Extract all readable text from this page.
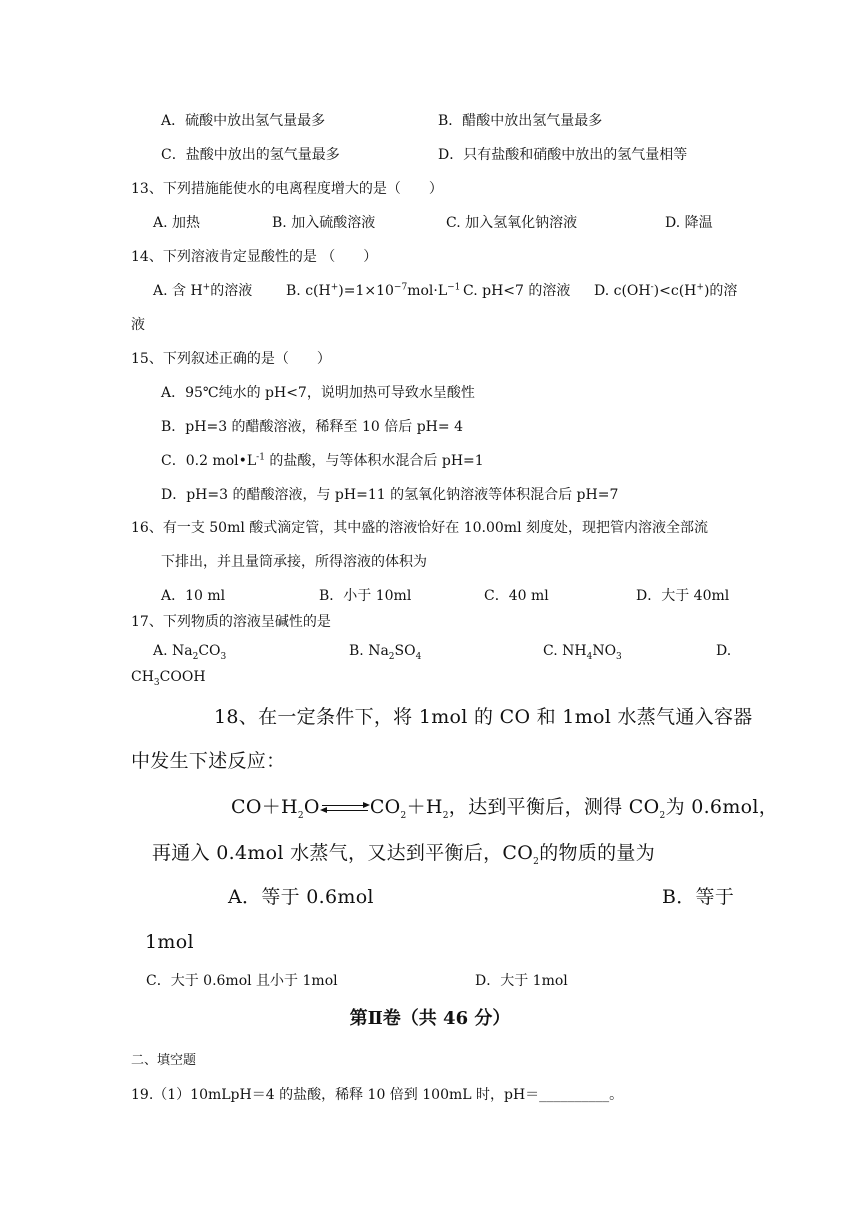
A．硫酸中放出氢气量最多	B．醋酸中放出氢气量最多
C．盐酸中放出的氢气量最多	D．只有盐酸和硝酸中放出的氢气量相等
13、下列措施能使水的电离程度增大的是（　　）
A. 加热	B. 加入硫酸溶液	C. 加入氢氧化钠溶液	D. 降温
14、下列溶液肯定显酸性的是 （　　）
A. 含 H+的溶液 B. $c(H^+)=1\times 10^{-7}mol\cdot L^{-1}$ C. pH<7 的溶液 D. c(OH-)<c(H+)的溶
液
15、下列叙述正确的是（　　）
A．95℃纯水的 pH<7，说明加热可导致水呈酸性
B．pH=3 的醋酸溶液，稀释至 10 倍后 pH= 4
C．0.2 $mol•L^{-1}$ 的盐酸，与等体积水混合后 pH=1
D．pH=3 的醋酸溶液，与 pH=11 的氢氧化钠溶液等体积混合后 pH=7
16、有一支 50ml 酸式滴定管，其中盛的溶液恰好在 10.00ml 刻度处，现把管内溶液全部流
下排出，并且量筒承接，所得溶液的体积为
A．10 ml	B．小于 10ml	C．40 ml	D．大于 40ml
17、下列物质的溶液呈碱性的是
A. $Na_2CO_3$	B. $Na_2SO_4$	C. $NH_4NO_3$	D.
$CH_3COOH$
18、在一定条件下，将 1mol 的 CO 和 1mol 水蒸气通入容器
中发生下述反应：
$CO+H_2O\rightleftharpoons CO_2+H_2$，达到平衡后，测得 $CO_2$为 0.6mol，
再通入 0.4mol 水蒸气，又达到平衡后，$CO_2$的物质的量为
A．等于 0.6mol	B．等于
1mol
C．大于 0.6mol 且小于 1mol	D．大于 1mol
第Ⅱ卷（共 46 分）
二、填空题
19.（1）10mLpH＝4 的盐酸，稀释 10 倍到 100mL 时，pH＝__________。
